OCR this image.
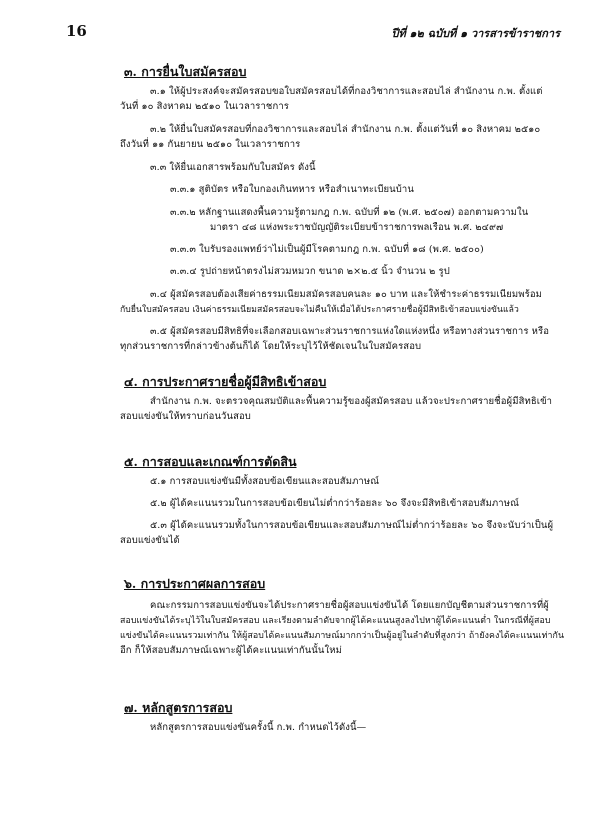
16	ปีที่ ๑๒ ฉบับที่ ๑ วารสารข้าราชการ
๓. การยื่นใบสมัครสอบ
๓.๑ ให้ผู้ประสงค์จะสมัครสอบขอใบสมัครสอบได้ที่กองวิชาการและสอบไล่ สำนักงาน ก.พ. ตั้งแต่
วันที่ ๑๐ สิงหาคม ๒๕๑๐ ในเวลาราชการ
๓.๒ ให้ยื่นใบสมัครสอบที่กองวิชาการและสอบไล่ สำนักงาน ก.พ. ตั้งแต่วันที่ ๑๐ สิงหาคม ๒๕๑๐
ถึงวันที่ ๑๑ กันยายน ๒๕๑๐ ในเวลาราชการ
๓.๓ ให้ยื่นเอกสารพร้อมกับใบสมัคร ดังนี้
๓.๓.๑ สูติบัตร หรือใบกองเกินทหาร หรือสำเนาทะเบียนบ้าน
๓.๓.๒ หลักฐานแสดงพื้นความรู้ตามกฎ ก.พ. ฉบับที่ ๑๒ (พ.ศ. ๒๕๐๗) ออกตามความใน
มาตรา ๔๘ แห่งพระราชบัญญัติระเบียบข้าราชการพลเรือน พ.ศ. ๒๔๙๗
๓.๓.๓ ใบรับรองแพทย์ว่าไม่เป็นผู้มีโรคตามกฎ ก.พ. ฉบับที่ ๑๘ (พ.ศ. ๒๕๐๐)
๓.๓.๔ รูปถ่ายหน้าตรงไม่สวมหมวก ขนาด ๒×๒.๕ นิ้ว จำนวน ๒ รูป
๓.๔ ผู้สมัครสอบต้องเสียค่าธรรมเนียมสมัครสอบคนละ ๑๐ บาท และให้ชำระค่าธรรมเนียมพร้อม
กับยื่นใบสมัครสอบ เงินค่าธรรมเนียมสมัครสอบจะไม่คืนให้เมื่อได้ประกาศรายชื่อผู้มีสิทธิเข้าสอบแข่งขันแล้ว
๓.๕ ผู้สมัครสอบมีสิทธิที่จะเลือกสอบเฉพาะส่วนราชการแห่งใดแห่งหนึ่ง หรือทางส่วนราชการ หรือ
ทุกส่วนราชการที่กล่าวข้างต้นก็ได้ โดยให้ระบุไว้ให้ชัดเจนในใบสมัครสอบ
๔. การประกาศรายชื่อผู้มีสิทธิเข้าสอบ
สำนักงาน ก.พ. จะตรวจคุณสมบัติและพื้นความรู้ของผู้สมัครสอบ แล้วจะประกาศรายชื่อผู้มีสิทธิเข้า
สอบแข่งขันให้ทราบก่อนวันสอบ
๕. การสอบและเกณฑ์การตัดสิน
๕.๑ การสอบแข่งขันมีทั้งสอบข้อเขียนและสอบสัมภาษณ์
๕.๒ ผู้ได้คะแนนรวมในการสอบข้อเขียนไม่ต่ำกว่าร้อยละ ๖๐ จึงจะมีสิทธิเข้าสอบสัมภาษณ์
๕.๓ ผู้ได้คะแนนรวมทั้งในการสอบข้อเขียนและสอบสัมภาษณ์ไม่ต่ำกว่าร้อยละ ๖๐ จึงจะนับว่าเป็นผู้
สอบแข่งขันได้
๖. การประกาศผลการสอบ
คณะกรรมการสอบแข่งขันจะได้ประกาศรายชื่อผู้สอบแข่งขันได้ โดยแยกบัญชีตามส่วนราชการที่ผู้
สอบแข่งขันได้ระบุไว้ในใบสมัครสอบ และเรียงตามลำดับจากผู้ได้คะแนนสูงลงไปหาผู้ได้คะแนนต่ำ ในกรณีที่ผู้สอบ
แข่งขันได้คะแนนรวมเท่ากัน ให้ผู้สอบได้คะแนนสัมภาษณ์มากกว่าเป็นผู้อยู่ในลำดับที่สูงกว่า ถ้ายังคงได้คะแนนเท่ากัน
อีก ก็ให้สอบสัมภาษณ์เฉพาะผู้ได้คะแนนเท่ากันนั้นใหม่
๗. หลักสูตรการสอบ
หลักสูตรการสอบแข่งขันครั้งนี้ ก.พ. กำหนดไว้ดังนี้—
